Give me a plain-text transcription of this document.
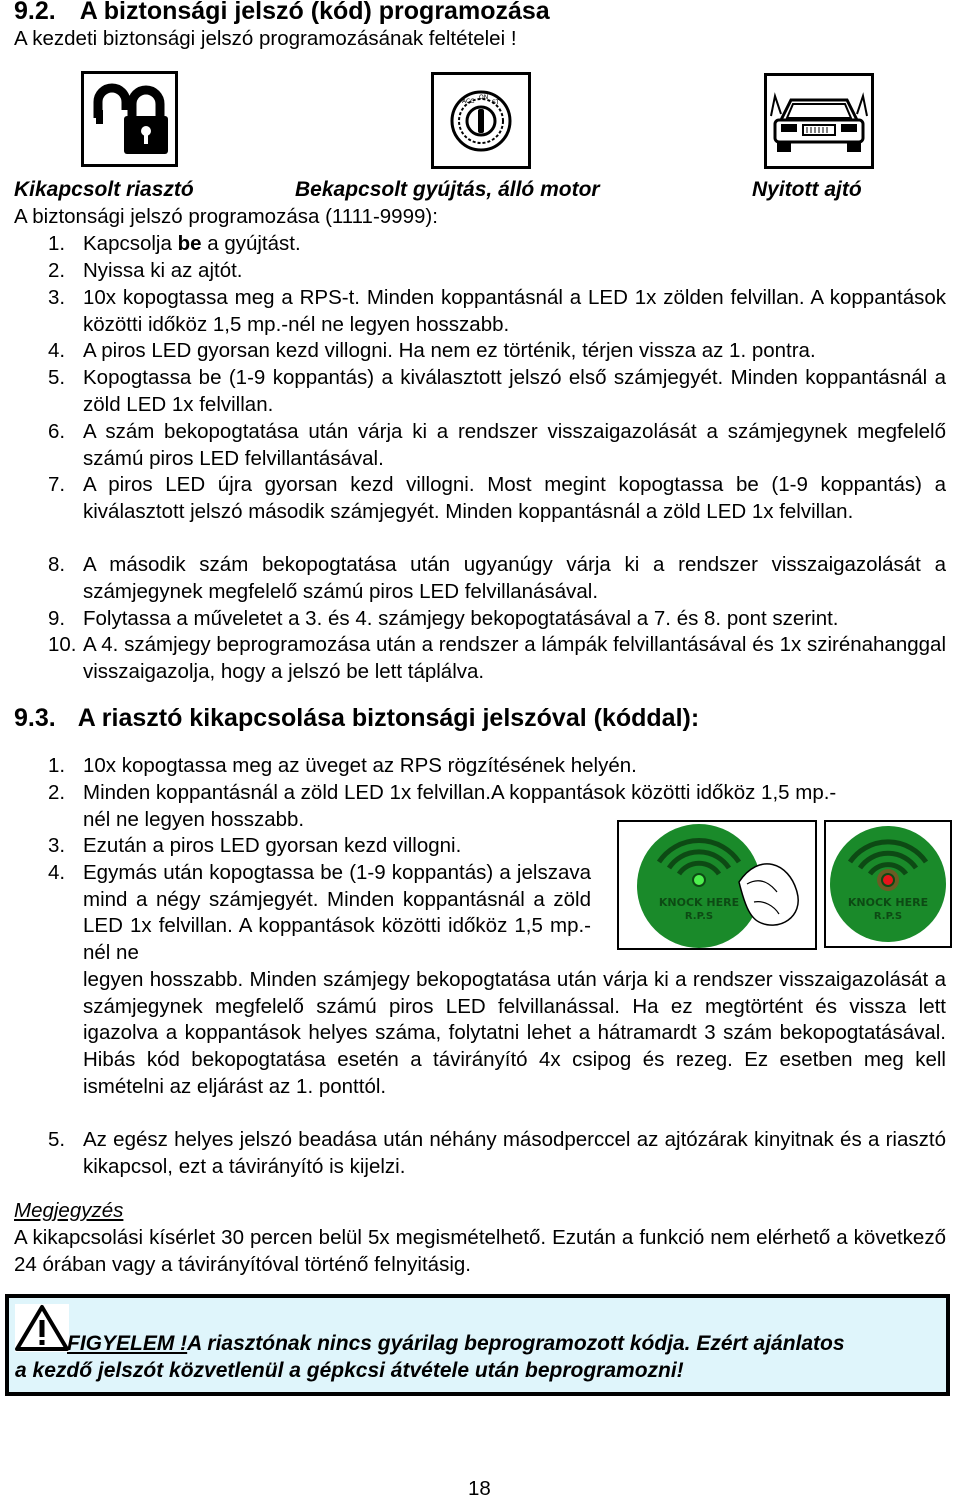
9.2. A biztonsági jelszó (kód) programozása
A kezdeti biztonsági jelszó programozásának feltételei !
ACC
ON
ST
Kikapcsolt riasztó	Bekapcsolt gyújtás, álló motor	Nyitott ajtó
A biztonsági jelszó programozása (1111-9999):
1. Kapcsolja be a gyújtást.
2. Nyissa ki az ajtót.
3. 10x kopogtassa meg a RPS-t. Minden koppantásnál a LED 1x zölden felvillan. A koppantások közötti időköz 1,5 mp.-nél ne legyen hosszabb.
4. A piros LED gyorsan kezd villogni. Ha nem ez történik, térjen vissza az 1. pontra.
5. Kopogtassa be (1-9 koppantás) a kiválasztott jelszó első számjegyét. Minden koppantásnál a zöld LED 1x felvillan.
6. A szám bekopogtatása után várja ki a rendszer visszaigazolását a számjegynek megfelelő számú piros LED felvillantásával.
7. A piros LED újra gyorsan kezd villogni. Most megint kopogtassa be (1-9 koppantás) a kiválasztott jelszó második számjegyét. Minden koppantásnál a zöld LED 1x felvillan.
8. A második szám bekopogtatása után ugyanúgy várja ki a rendszer visszaigazolását a számjegynek megfelelő számú piros LED felvillanásával.
9. Folytassa a műveletet a 3. és 4. számjegy bekopogtatásával a 7. és 8. pont szerint.
10. A 4. számjegy beprogramozása után a rendszer a lámpák felvillantásával és 1x szirénahanggal visszaigazolja, hogy a jelszó be lett táplálva.
9.3. A riasztó kikapcsolása biztonsági jelszóval (kóddal):
1. 10x kopogtassa meg az üveget az RPS rögzítésének helyén.
2. Minden koppantásnál a zöld LED 1x felvillan.A koppantások közötti időköz 1,5 mp.-
nél ne legyen hosszabb.
3. Ezután a piros LED gyorsan kezd villogni.
4. Egymás után kopogtassa be (1-9 koppantás) a jelszava mind a négy számjegyét. Minden koppantásnál a zöld LED 1x felvillan. A koppantások közötti időköz 1,5 mp.-nél ne
legyen hosszabb. Minden számjegy bekopogtatása után várja ki a rendszer visszaigazolását a számjegynek megfelelő számú piros LED felvillanással. Ha ez megtörtént és vissza lett igazolva a koppantások helyes száma, folytatni lehet a hátramardt 3 szám bekopogtatásával. Hibás kód bekopogtatása esetén a távirányító 4x csipog és rezeg. Ez esetben meg kell ismételni az eljárást az 1. ponttól.
5. Az egész helyes jelszó beadása után néhány másodperccel az ajtózárak kinyitnak és a riasztó kikapcsol, ezt a távirányító is kijelzi.
KNOCK HERE
R.P.S
KNOCK HERE
R.P.S
Megjegyzés
A kikapcsolási kísérlet 30 percen belül 5x megismételhető. Ezután a funkció nem elérhető a következő 24 órában vagy a távirányítóval történő felnyitásig.
FIGYELEM !A riasztónak nincs gyárilag beprogramozott kódja. Ezért ajánlatos
a kezdő jelszót közvetlenül a gépkcsi átvétele után beprogramozni!
18
